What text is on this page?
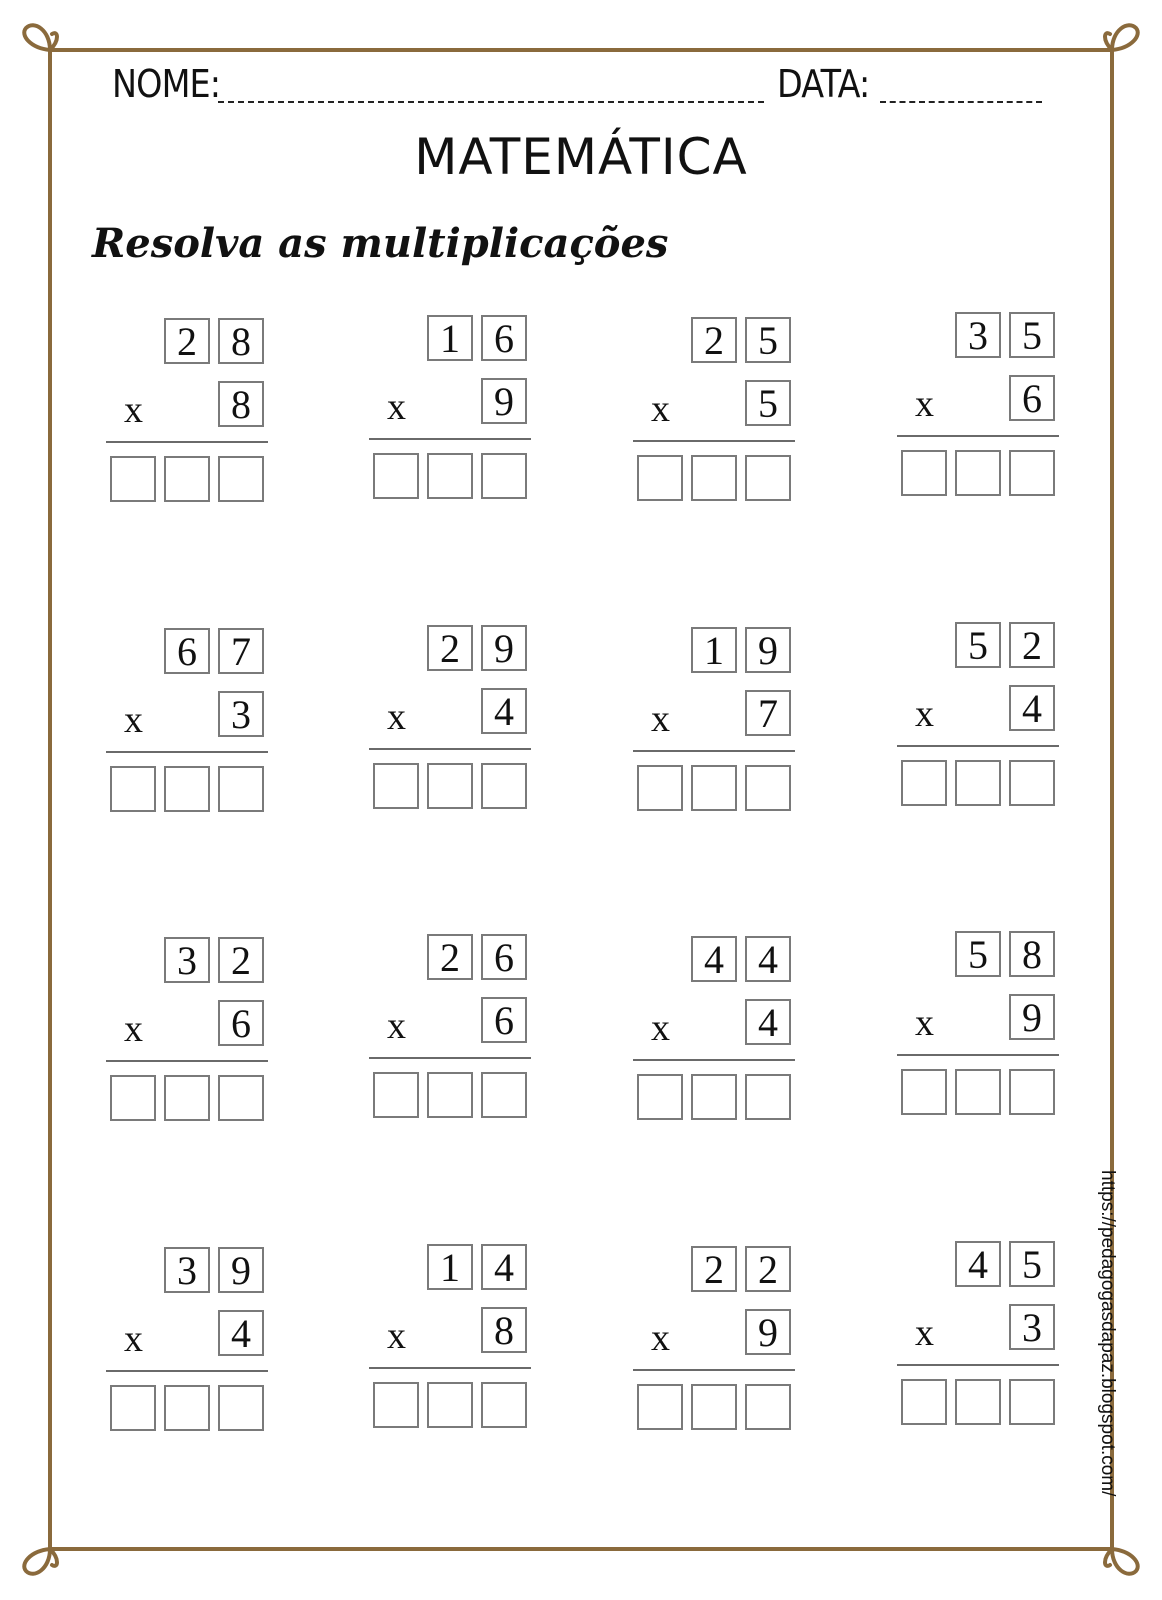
NOME:	DATA:
MATEMÁTICA
Resolva as multiplicações
2 8
x	8
1 6
x	9
2 5
x	5
3 5
x	6
6 7
x	3
2 9
x	4
1 9
x	7
5 2
x	4
3 2
x	6
2 6
x	6
4 4
x	4
5 8
x	9
3 9
x	4
1 4
x	8
2 2
x	9
4 5
x	3	https://pedagogasdapaz.blogspot.com/
